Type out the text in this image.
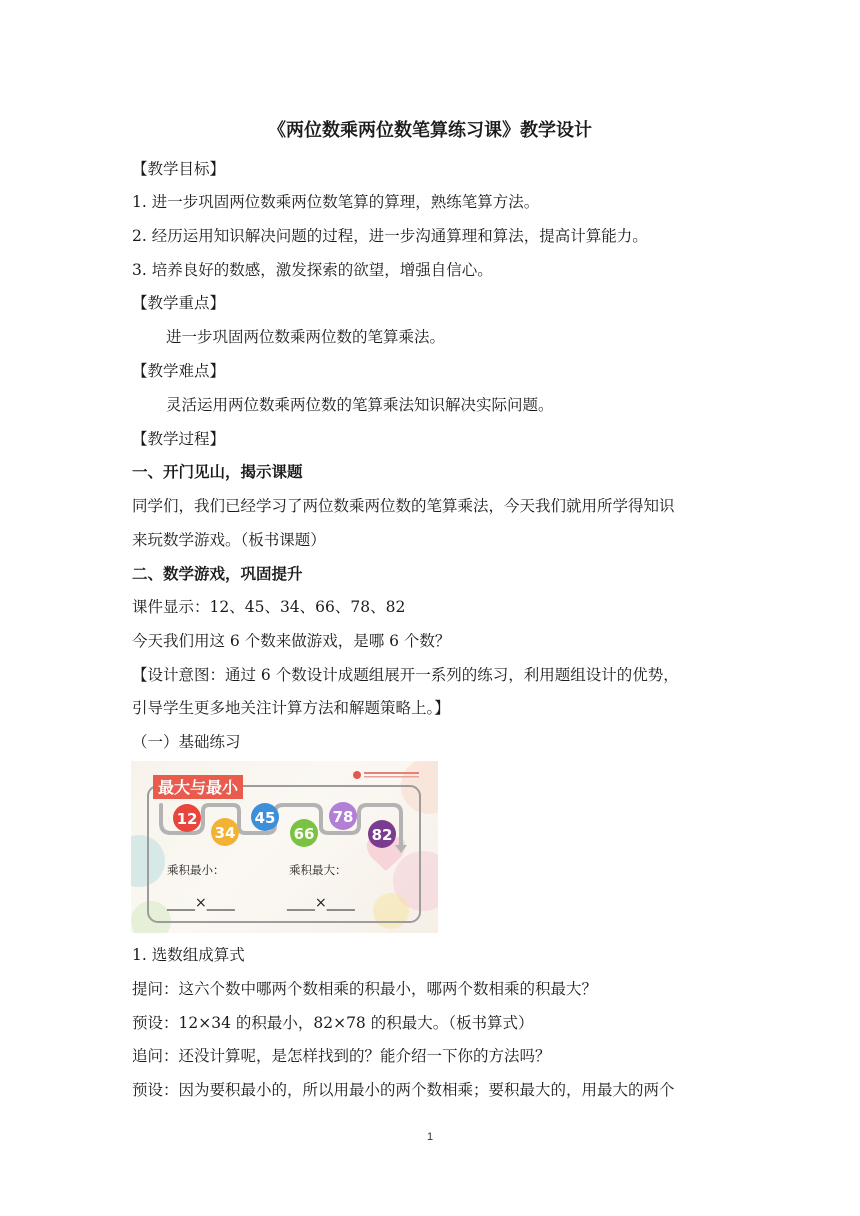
《两位数乘两位数笔算练习课》教学设计
【教学目标】
1. 进一步巩固两位数乘两位数笔算的算理，熟练笔算方法。
2. 经历运用知识解决问题的过程，进一步沟通算理和算法，提高计算能力。
3. 培养良好的数感，激发探索的欲望，增强自信心。
【教学重点】
进一步巩固两位数乘两位数的笔算乘法。
【教学难点】
灵活运用两位数乘两位数的笔算乘法知识解决实际问题。
【教学过程】
一、开门见山，揭示课题
同学们，我们已经学习了两位数乘两位数的笔算乘法，今天我们就用所学得知识
来玩数学游戏。（板书课题）
二、数学游戏，巩固提升
课件显示：12、45、34、66、78、82
今天我们用这 6 个数来做游戏，是哪 6 个数？
【设计意图：通过 6 个数设计成题组展开一系列的练习，利用题组设计的优势，
引导学生更多地关注计算方法和解题策略上。】
（一）基础练习
最大与最小
12
34
45
66
78
82
乘积最小：	乘积最大：
____×____	____×____
1. 选数组成算式
提问：这六个数中哪两个数相乘的积最小，哪两个数相乘的积最大？
预设：12×34 的积最小，82×78 的积最大。（板书算式）
追问：还没计算呢，是怎样找到的？能介绍一下你的方法吗？
预设：因为要积最小的，所以用最小的两个数相乘；要积最大的，用最大的两个
1
